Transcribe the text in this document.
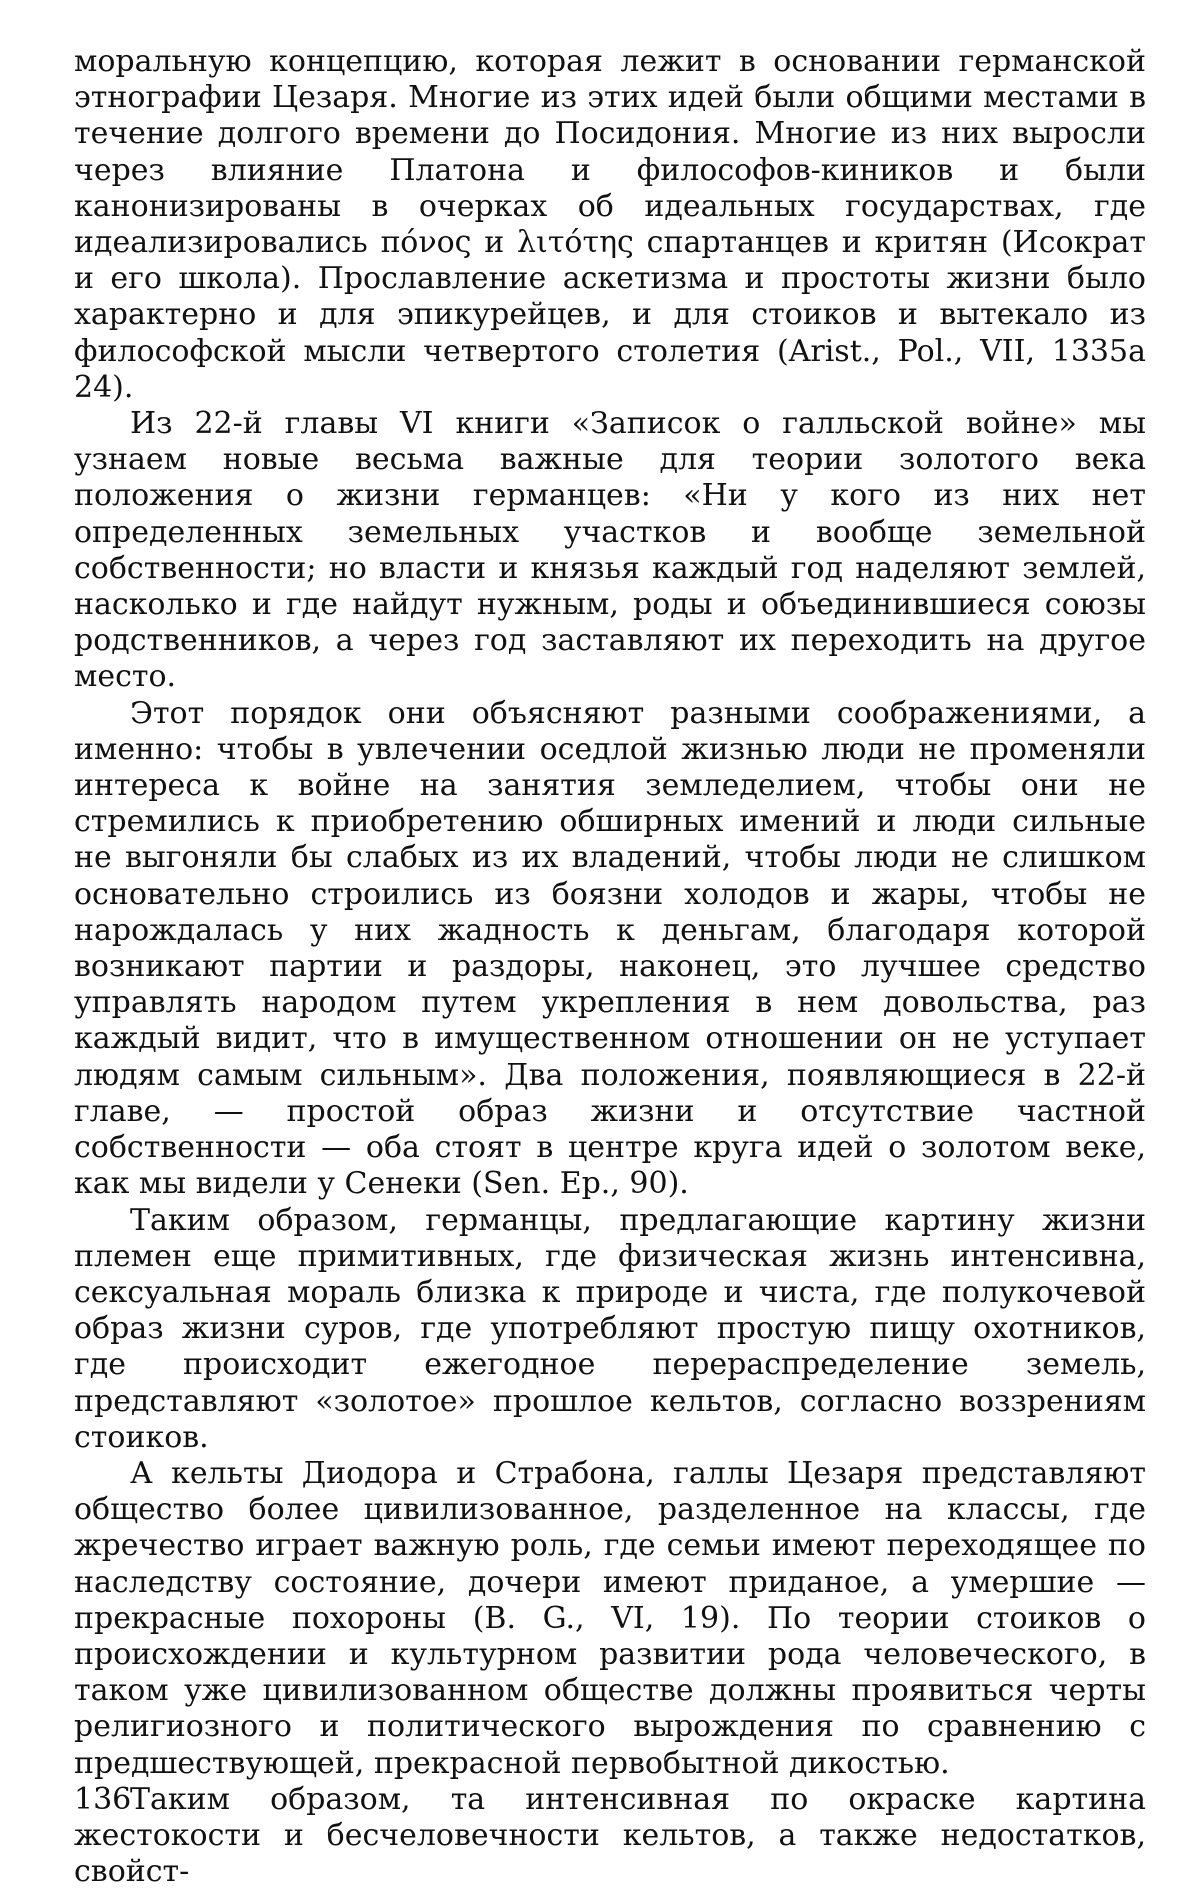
моральную концепцию, которая лежит в основании германской этнографии Цезаря. Многие из этих идей были общими местами в течение долгого времени до Посидония. Многие из них выросли через влияние Платона и философов-киников и были канонизированы в очерках об идеальных государствах, где идеализировались πόνος и λιτότης спартанцев и критян (Исократ и его школа). Прославление аскетизма и простоты жизни было характерно и для эпикурейцев, и для стоиков и вытекало из философской мысли четвертого столетия (Arist., Pol., VII, 1335a 24).

Из 22-й главы VI книги «Записок о галльской войне» мы узнаем новые весьма важные для теории золотого века положения о жизни германцев: «Ни у кого из них нет определенных земельных участков и вообще земельной собственности; но власти и князья каждый год наделяют землей, насколько и где найдут нужным, роды и объединившиеся союзы родственников, а через год заставляют их переходить на другое место.

Этот порядок они объясняют разными соображениями, а именно: чтобы в увлечении оседлой жизнью люди не променяли интереса к войне на занятия земледелием, чтобы они не стремились к приобретению обширных имений и люди сильные не выгоняли бы слабых из их владений, чтобы люди не слишком основательно строились из боязни холодов и жары, чтобы не нарождалась у них жадность к деньгам, благодаря которой возникают партии и раздоры, наконец, это лучшее средство управлять народом путем укрепления в нем довольства, раз каждый видит, что в имущественном отношении он не уступает людям самым сильным». Два положения, появляющиеся в 22-й главе, — простой образ жизни и отсутствие частной собственности — оба стоят в центре круга идей о золотом веке, как мы видели у Сенеки (Sen. Ep., 90).

Таким образом, германцы, предлагающие картину жизни племен еще примитивных, где физическая жизнь интенсивна, сексуальная мораль близка к природе и чиста, где полукочевой образ жизни суров, где употребляют простую пищу охотников, где происходит ежегодное перераспределение земель, представляют «золотое» прошлое кельтов, согласно воззрениям стоиков.

А кельты Диодора и Страбона, галлы Цезаря представляют общество более цивилизованное, разделенное на классы, где жречество играет важную роль, где семьи имеют переходящее по наследству состояние, дочери имеют приданое, а умершие — прекрасные похороны (B. G., VI, 19). По теории стоиков о происхождении и культурном развитии рода человеческого, в таком уже цивилизованном обществе должны проявиться черты религиозного и политического вырождения по сравнению с предшествующей, прекрасной первобытной дикостью.

Таким образом, та интенсивная по окраске картина жестокости и бесчеловечности кельтов, а также недостатков, свойст-

136
